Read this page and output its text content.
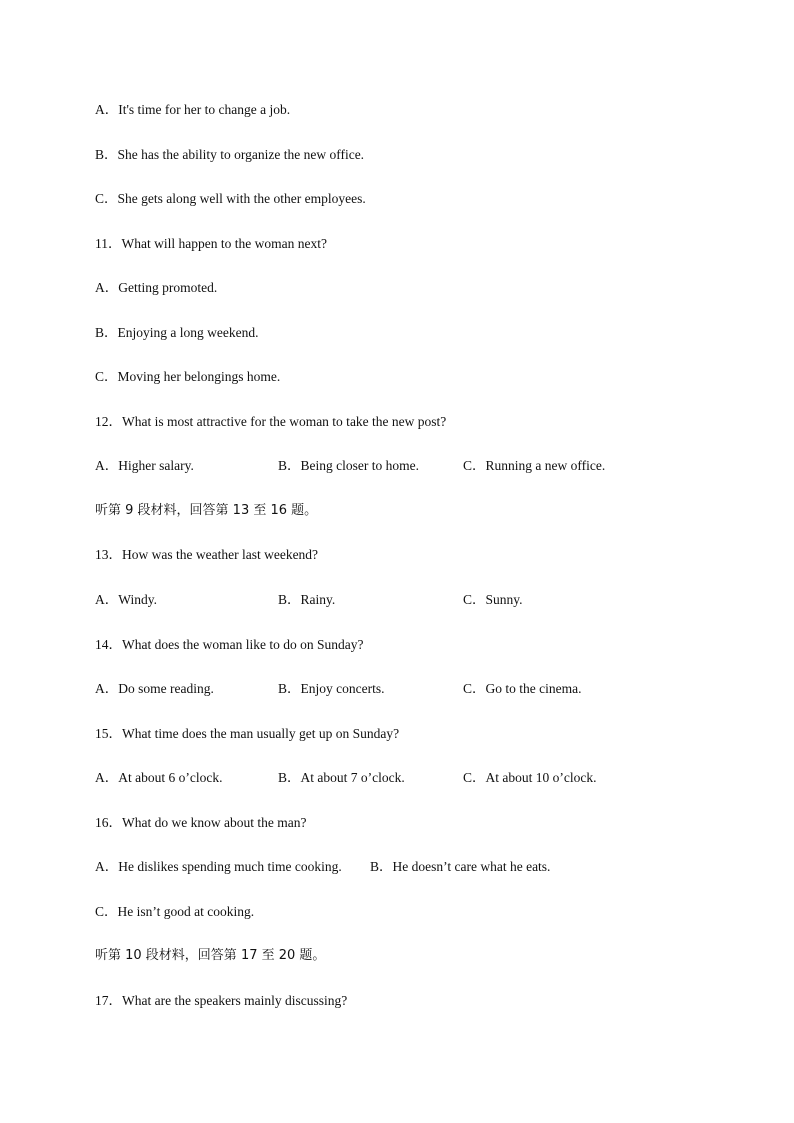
A．It's time for her to change a job.
B．She has the ability to organize the new office.
C．She gets along well with the other employees.
11．What will happen to the woman next?
A．Getting promoted.
B．Enjoying a long weekend.
C．Moving her belongings home.
12．What is most attractive for the woman to take the new post?
A．Higher salary.	B．Being closer to home.	C．Running a new office.
听第 9 段材料，回答第 13 至 16 题。
13．How was the weather last weekend?
A．Windy.	B．Rainy.	C．Sunny.
14．What does the woman like to do on Sunday?
A．Do some reading.	B．Enjoy concerts.	C．Go to the cinema.
15．What time does the man usually get up on Sunday?
A．At about 6 o’clock.	B．At about 7 o’clock.	C．At about 10 o’clock.
16．What do we know about the man?
A．He dislikes spending much time cooking. B．He doesn’t care what he eats.
C．He isn’t good at cooking.
听第 10 段材料，回答第 17 至 20 题。
17．What are the speakers mainly discussing?
